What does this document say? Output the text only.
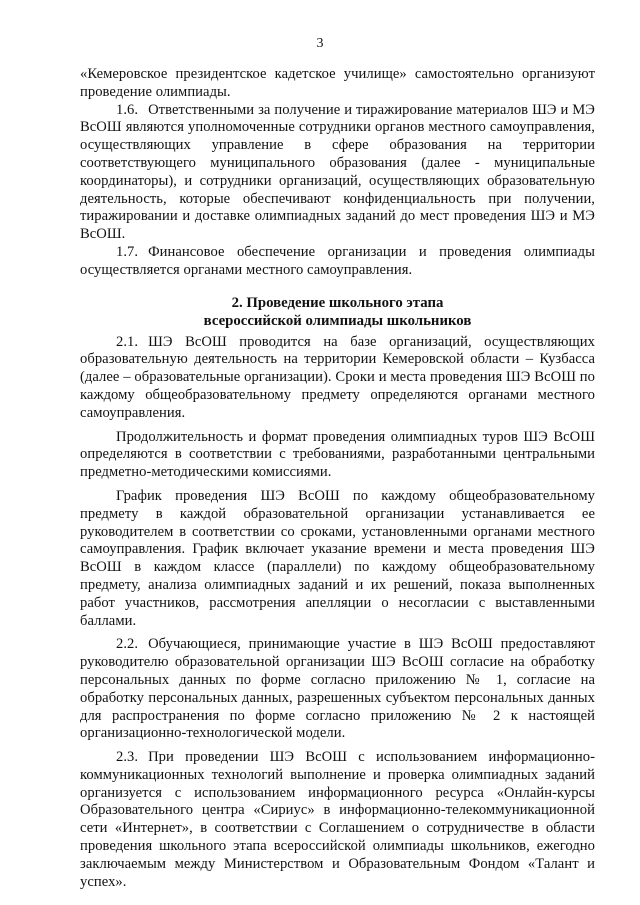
3

«Кемеровское президентское кадетское училище» самостоятельно организуют проведение олимпиады.

1.6. Ответственными за получение и тиражирование материалов ШЭ и МЭ ВсОШ являются уполномоченные сотрудники органов местного самоуправления, осуществляющих управление в сфере образования на территории соответствующего муниципального образования (далее - муниципальные координаторы), и сотрудники организаций, осуществляющих образовательную деятельность, которые обеспечивают конфиденциальность при получении, тиражировании и доставке олимпиадных заданий до мест проведения ШЭ и МЭ ВсОШ.

1.7. Финансовое обеспечение организации и проведения олимпиады осуществляется органами местного самоуправления.

2. Проведение школьного этапа
всероссийской олимпиады школьников

2.1. ШЭ ВсОШ проводится на базе организаций, осуществляющих образовательную деятельность на территории Кемеровской области – Кузбасса (далее – образовательные организации). Сроки и места проведения ШЭ ВсОШ по каждому общеобразовательному предмету определяются органами местного самоуправления.

Продолжительность и формат проведения олимпиадных туров ШЭ ВсОШ определяются в соответствии с требованиями, разработанными центральными предметно-методическими комиссиями.

График проведения ШЭ ВсОШ по каждому общеобразовательному предмету в каждой образовательной организации устанавливается ее руководителем в соответствии со сроками, установленными органами местного самоуправления. График включает указание времени и места проведения ШЭ ВсОШ в каждом классе (параллели) по каждому общеобразовательному предмету, анализа олимпиадных заданий и их решений, показа выполненных работ участников, рассмотрения апелляции о несогласии с выставленными баллами.

2.2. Обучающиеся, принимающие участие в ШЭ ВсОШ предоставляют руководителю образовательной организации ШЭ ВсОШ согласие на обработку персональных данных по форме согласно приложению № 1, согласие на обработку персональных данных, разрешенных субъектом персональных данных для распространения по форме согласно приложению № 2 к настоящей организационно-технологической модели.

2.3. При проведении ШЭ ВсОШ с использованием информационно-коммуникационных технологий выполнение и проверка олимпиадных заданий организуется с использованием информационного ресурса «Онлайн-курсы Образовательного центра «Сириус» в информационно-телекоммуникационной сети «Интернет», в соответствии с Соглашением о сотрудничестве в области проведения школьного этапа всероссийской олимпиады школьников, ежегодно заключаемым между Министерством и Образовательным Фондом «Талант и успех».
